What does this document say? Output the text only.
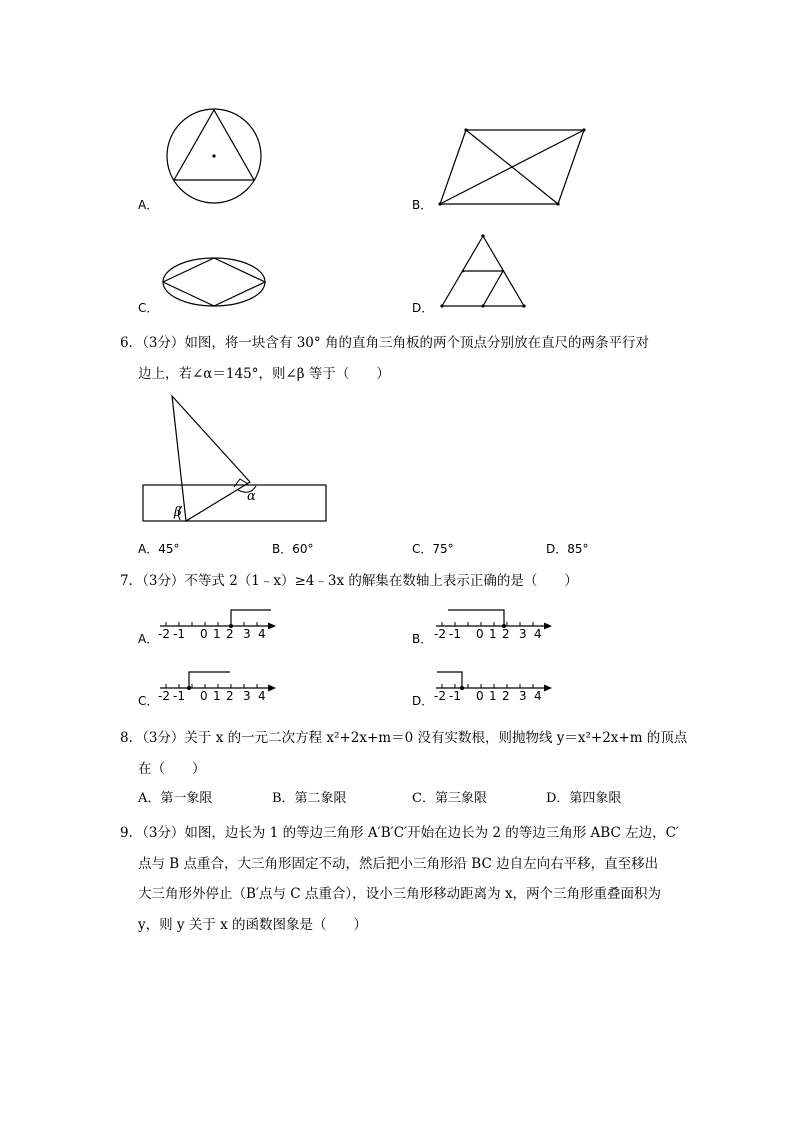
A．	B．
C．	D．
6．（3分）如图，将一块含有 30° 角的直角三角板的两个顶点分别放在直尺的两条平行对
边上，若∠α＝145°，则∠β 等于（　　）
α
β
A．45°	B．60°	C．75°	D．85°
7．（3分）不等式 2（1﹣x）≥4﹣3x 的解集在数轴上表示正确的是（　　）
A． -2 -1 0 1 2 3 4	B． -2 -1 0 1 2 3 4
C． -2 -1 0 1 2 3 4	D． -2 -1 0 1 2 3 4
8．（3分）关于 x 的一元二次方程 x²+2x+m＝0 没有实数根，则抛物线 y＝x²+2x+m 的顶点
在（　　）
A．第一象限	B．第二象限	C．第三象限	D．第四象限
9．（3分）如图，边长为 1 的等边三角形 A′B′C′开始在边长为 2 的等边三角形 ABC 左边，C′
点与 B 点重合，大三角形固定不动，然后把小三角形沿 BC 边自左向右平移，直至移出
大三角形外停止（B′点与 C 点重合），设小三角形移动距离为 x，两个三角形重叠面积为
y，则 y 关于 x 的函数图象是（　　）
